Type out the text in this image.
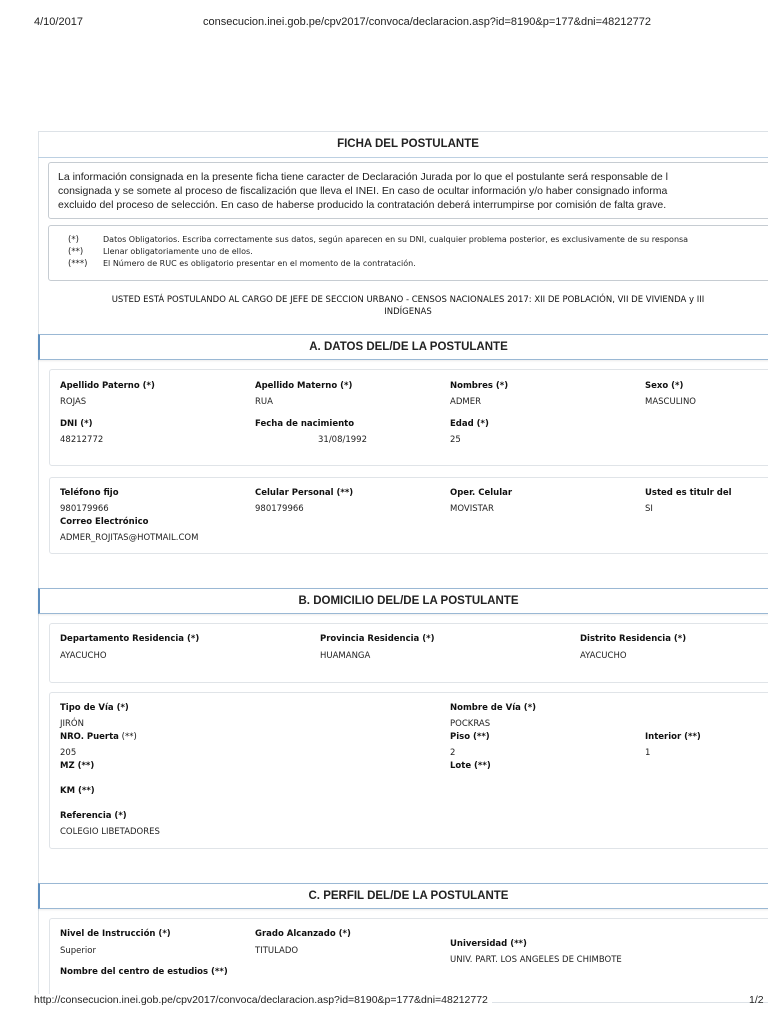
4/10/2017	consecucion.inei.gob.pe/cpv2017/convoca/declaracion.asp?id=8190&p=177&dni=48212772
FICHA DEL POSTULANTE
La información consignada en la presente ficha tiene caracter de Declaración Jurada por lo que el postulante será responsable de l
consignada y se somete al proceso de fiscalización que lleva el INEI. En caso de ocultar información y/o haber consignado informa
excluido del proceso de selección. En caso de haberse producido la contratación deberá interrumpirse por comisión de falta grave.
(*)	Datos Obligatorios. Escriba correctamente sus datos, según aparecen en su DNI, cualquier problema posterior, es exclusivamente de su responsa
(**) Llenar obligatoriamente uno de ellos.
(***) El Número de RUC es obligatorio presentar en el momento de la contratación.
USTED ESTÁ POSTULANDO AL CARGO DE JEFE DE SECCION URBANO - CENSOS NACIONALES 2017: XII DE POBLACIÓN, VII DE VIVIENDA y III
INDÍGENAS
A. DATOS DEL/DE LA POSTULANTE
Apellido Paterno (*)
ROJAS
Apellido Materno (*)
RUA
Nombres (*)
ADMER
Sexo (*)
MASCULINO
DNI (*)
48212772
Fecha de nacimiento
31/08/1992
Edad (*)
25
Teléfono fijo
980179966
Celular Personal (**)
980179966
Oper. Celular
MOVISTAR
Usted es titulr del
SI
Correo Electrónico
ADMER_ROJITAS@HOTMAIL.COM
B. DOMICILIO DEL/DE LA POSTULANTE
Departamento Residencia (*)
AYACUCHO
Provincia Residencia (*)
HUAMANGA
Distrito Residencia (*)
AYACUCHO
Tipo de Vía (*)
JIRÓN
Nombre de Vía (*)
POCKRAS
NRO. Puerta (**)
205
Piso (**)
2
Interior (**)
1
MZ (**)	Lote (**)
KM (**)
Referencia (*)
COLEGIO LIBETADORES
C. PERFIL DEL/DE LA POSTULANTE
Nivel de Instrucción (*)
Superior
Grado Alcanzado (*)
TITULADO
Universidad (**)
UNIV. PART. LOS ANGELES DE CHIMBOTE
Nombre del centro de estudios (**)
http://consecucion.inei.gob.pe/cpv2017/convoca/declaracion.asp?id=8190&p=177&dni=48212772	1/2
